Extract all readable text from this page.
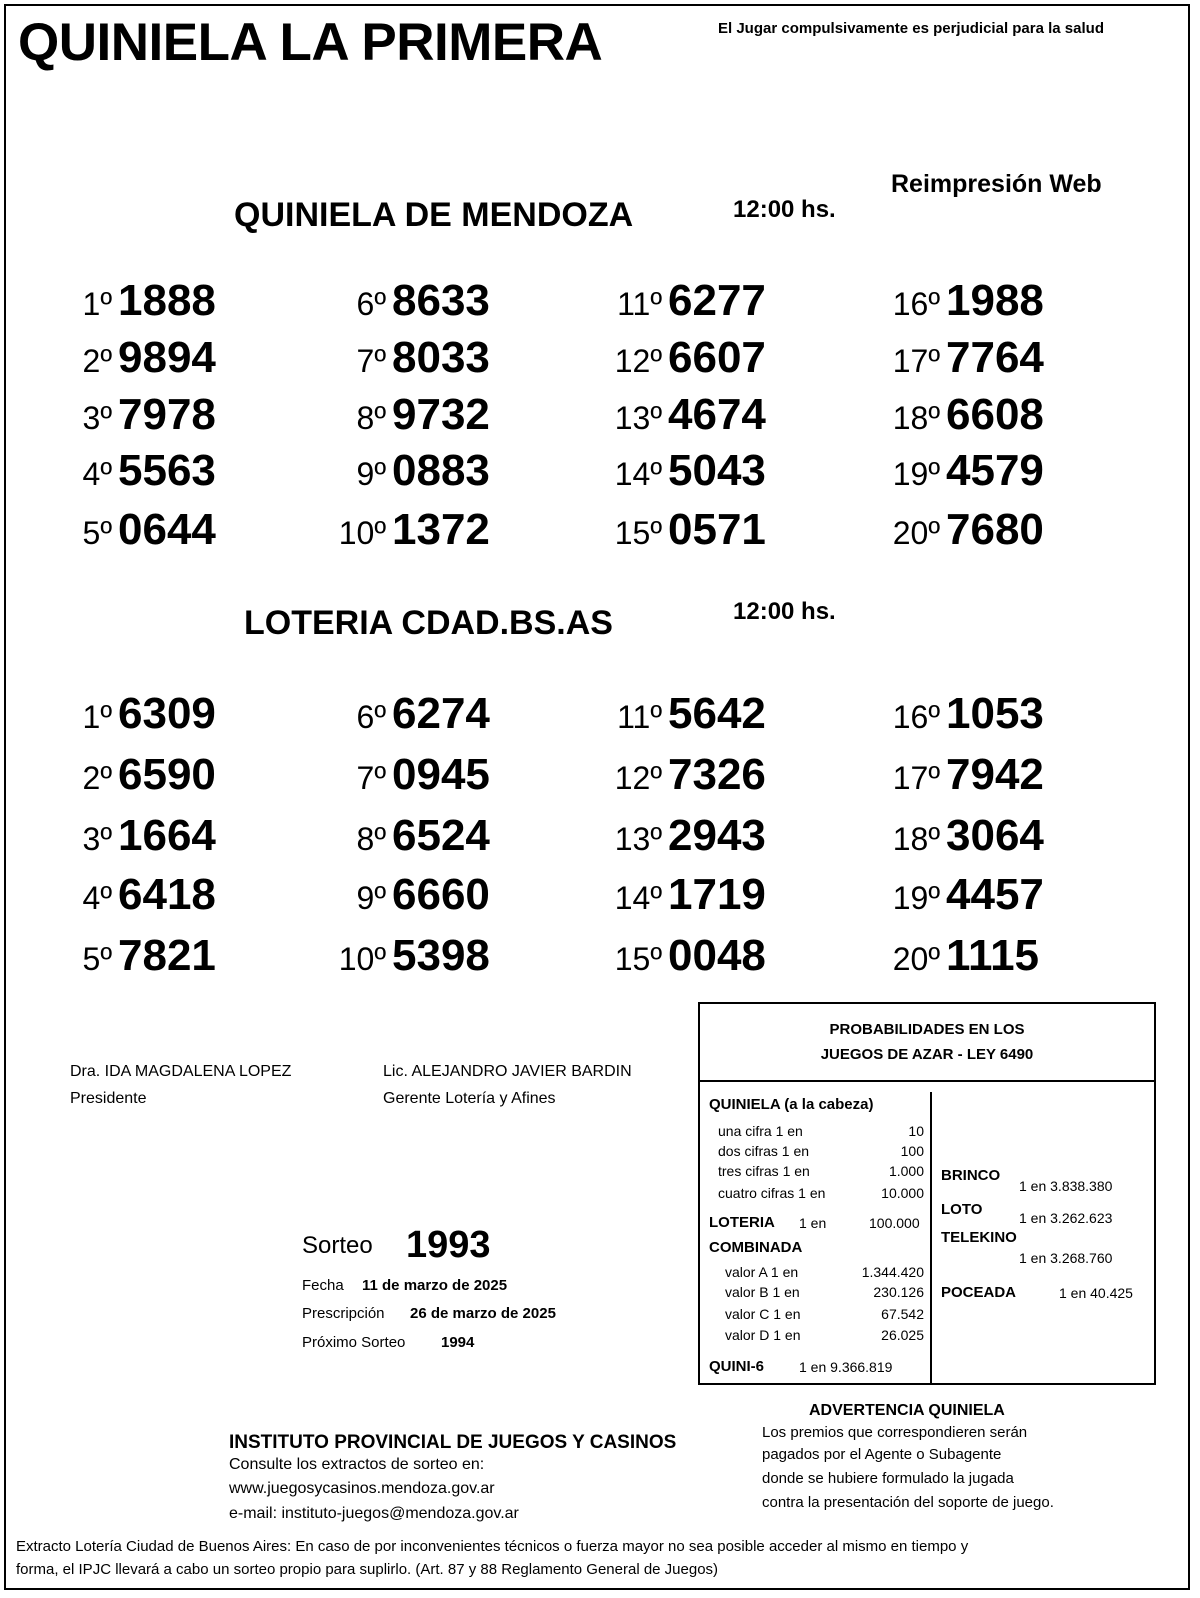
QUINIELA LA PRIMERA	El Jugar compulsivamente es perjudicial para la salud
Reimpresión Web
QUINIELA DE MENDOZA	12:00 hs.
1º 1888
2º 9894
3º 7978
4º 5563
5º 0644
6º 8633
7º 8033
8º 9732
9º 0883
10º 1372
11º 6277
12º 6607
13º 4674
14º 5043
15º 0571
16º 1988
17º 7764
18º 6608
19º 4579
20º 7680
LOTERIA CDAD.BS.AS	12:00 hs.
1º 6309
2º 6590
3º 1664
4º 6418
5º 7821
6º 6274
7º 0945
8º 6524
9º 6660
10º 5398
11º 5642
12º 7326
13º 2943
14º 1719
15º 0048
16º 1053
17º 7942
18º 3064
19º 4457
20º 1115
Dra. IDA MAGDALENA LOPEZ
Presidente
Lic. ALEJANDRO JAVIER BARDIN
Gerente Lotería y Afines
Sorteo 1993
Fecha 11 de marzo de 2025
Prescripción 26 de marzo de 2025
Próximo Sorteo 1994
PROBABILIDADES EN LOS
JUEGOS DE AZAR - LEY 6490
QUINIELA (a la cabeza)
una cifra 1 en	10
dos cifras 1 en	100
tres cifras 1 en	1.000
cuatro cifras 1 en	10.000
LOTERIA 1 en	100.000
COMBINADA
valor A 1 en	1.344.420
valor B 1 en	230.126
valor C 1 en	67.542
valor D 1 en	26.025
QUINI-6 1 en 9.366.819
BRINCO
1 en 3.838.380
LOTO	1 en 3.262.623
TELEKINO
1 en 3.268.760
POCEADA	1 en 40.425
ADVERTENCIA QUINIELA
Los premios que correspondieren serán
pagados por el Agente o Subagente
donde se hubiere formulado la jugada
contra la presentación del soporte de juego.
INSTITUTO PROVINCIAL DE JUEGOS Y CASINOS
Consulte los extractos de sorteo en:
www.juegosycasinos.mendoza.gov.ar
e-mail: instituto-juegos@mendoza.gov.ar
Extracto Lotería Ciudad de Buenos Aires: En caso de por inconvenientes técnicos o fuerza mayor no sea posible acceder al mismo en tiempo y
forma, el IPJC llevará a cabo un sorteo propio para suplirlo. (Art. 87 y 88 Reglamento General de Juegos)
